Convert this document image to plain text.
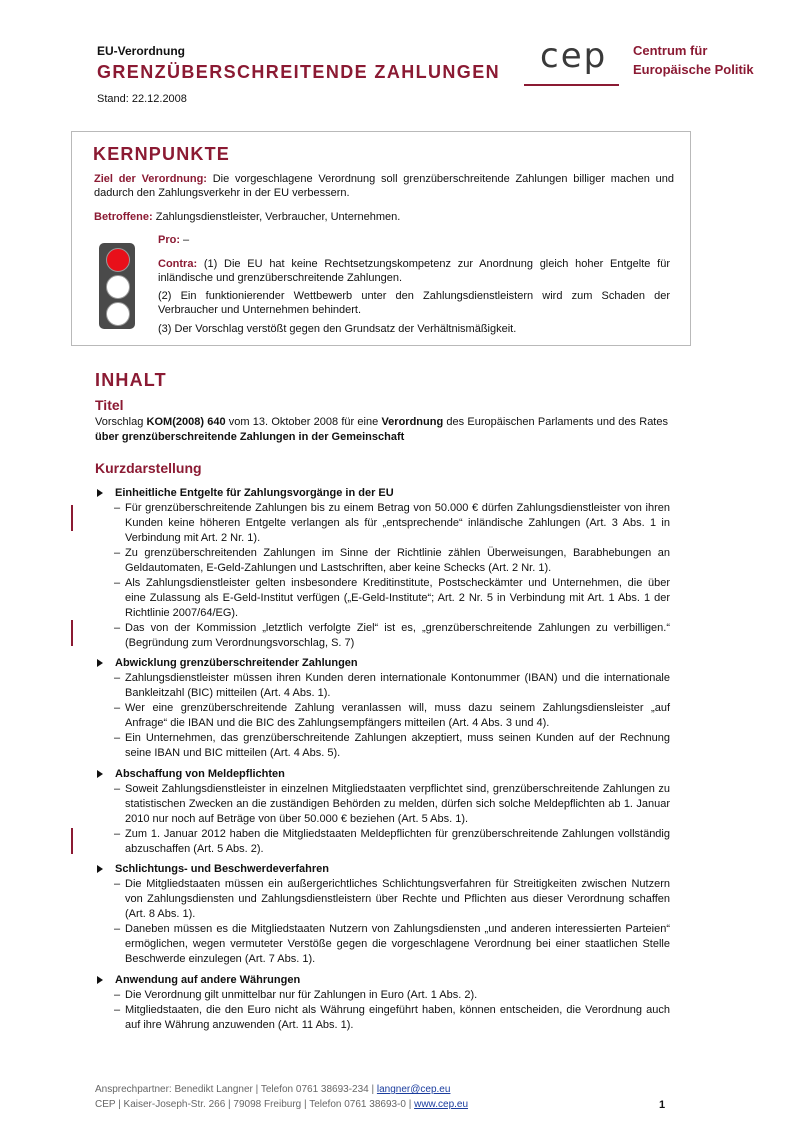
EU-Verordnung
GRENZÜBERSCHREITENDE ZAHLUNGEN
Stand: 22.12.2008
cep Centrum für
Europäische Politik
KERNPUNKTE
Ziel der Verordnung: Die vorgeschlagene Verordnung soll grenzüberschreitende Zahlungen billiger machen und dadurch den Zahlungsverkehr in der EU verbessern.
Betroffene: Zahlungsdienstleister, Verbraucher, Unternehmen.
Pro: –
Contra: (1) Die EU hat keine Rechtsetzungskompetenz zur Anordnung gleich hoher Entgelte für inländische und grenzüberschreitende Zahlungen.
(2) Ein funktionierender Wettbewerb unter den Zahlungsdienstleistern wird zum Schaden der Verbraucher und Unternehmen behindert.
(3) Der Vorschlag verstößt gegen den Grundsatz der Verhältnismäßigkeit.
INHALT
Titel
Vorschlag KOM(2008) 640 vom 13. Oktober 2008 für eine Verordnung des Europäischen Parlaments und des Rates über grenzüberschreitende Zahlungen in der Gemeinschaft
Kurzdarstellung
Einheitliche Entgelte für Zahlungsvorgänge in der EU
– Für grenzüberschreitende Zahlungen bis zu einem Betrag von 50.000 € dürfen Zahlungsdienstleister von ihren Kunden keine höheren Entgelte verlangen als für „entsprechende“ inländische Zahlungen (Art. 3 Abs. 1 in Verbindung mit Art. 2 Nr. 1).
– Zu grenzüberschreitenden Zahlungen im Sinne der Richtlinie zählen Überweisungen, Barabhebungen an Geldautomaten, E-Geld-Zahlungen und Lastschriften, aber keine Schecks (Art. 2 Nr. 1).
– Als Zahlungsdienstleister gelten insbesondere Kreditinstitute, Postscheckämter und Unternehmen, die über eine Zulassung als E-Geld-Institut verfügen („E-Geld-Institute“; Art. 2 Nr. 5 in Verbindung mit Art. 1 Abs. 1 der Richtlinie 2007/64/EG).
– Das von der Kommission „letztlich verfolgte Ziel“ ist es, „grenzüberschreitende Zahlungen zu verbilligen.“ (Begründung zum Verordnungsvorschlag, S. 7)
Abwicklung grenzüberschreitender Zahlungen
– Zahlungsdienstleister müssen ihren Kunden deren internationale Kontonummer (IBAN) und die internationale Bankleitzahl (BIC) mitteilen (Art. 4 Abs. 1).
– Wer eine grenzüberschreitende Zahlung veranlassen will, muss dazu seinem Zahlungsdiensleister „auf Anfrage“ die IBAN und die BIC des Zahlungsempfängers mitteilen (Art. 4 Abs. 3 und 4).
– Ein Unternehmen, das grenzüberschreitende Zahlungen akzeptiert, muss seinen Kunden auf der Rechnung seine IBAN und BIC mitteilen (Art. 4 Abs. 5).
Abschaffung von Meldepflichten
– Soweit Zahlungsdienstleister in einzelnen Mitgliedstaaten verpflichtet sind, grenzüberschreitende Zahlungen zu statistischen Zwecken an die zuständigen Behörden zu melden, dürfen sich solche Meldepflichten ab 1. Januar 2010 nur noch auf Beträge von über 50.000 € beziehen (Art. 5 Abs. 1).
– Zum 1. Januar 2012 haben die Mitgliedstaaten Meldepflichten für grenzüberschreitende Zahlungen vollständig abzuschaffen (Art. 5 Abs. 2).
Schlichtungs- und Beschwerdeverfahren
– Die Mitgliedstaaten müssen ein außergerichtliches Schlichtungsverfahren für Streitigkeiten zwischen Nutzern von Zahlungsdiensten und Zahlungsdienstleistern über Rechte und Pflichten aus dieser Verordnung schaffen (Art. 8 Abs. 1).
– Daneben müssen es die Mitgliedstaaten Nutzern von Zahlungsdiensten „und anderen interessierten Parteien“ ermöglichen, wegen vermuteter Verstöße gegen die vorgeschlagene Verordnung bei einer staatlichen Stelle Beschwerde einzulegen (Art. 7 Abs. 1).
Anwendung auf andere Währungen
– Die Verordnung gilt unmittelbar nur für Zahlungen in Euro (Art. 1 Abs. 2).
– Mitgliedstaaten, die den Euro nicht als Währung eingeführt haben, können entscheiden, die Verordnung auch auf ihre Währung anzuwenden (Art. 11 Abs. 1).
Ansprechpartner: Benedikt Langner | Telefon 0761 38693-234 | langner@cep.eu
CEP | Kaiser-Joseph-Str. 266 | 79098 Freiburg | Telefon 0761 38693-0 | www.cep.eu	1
